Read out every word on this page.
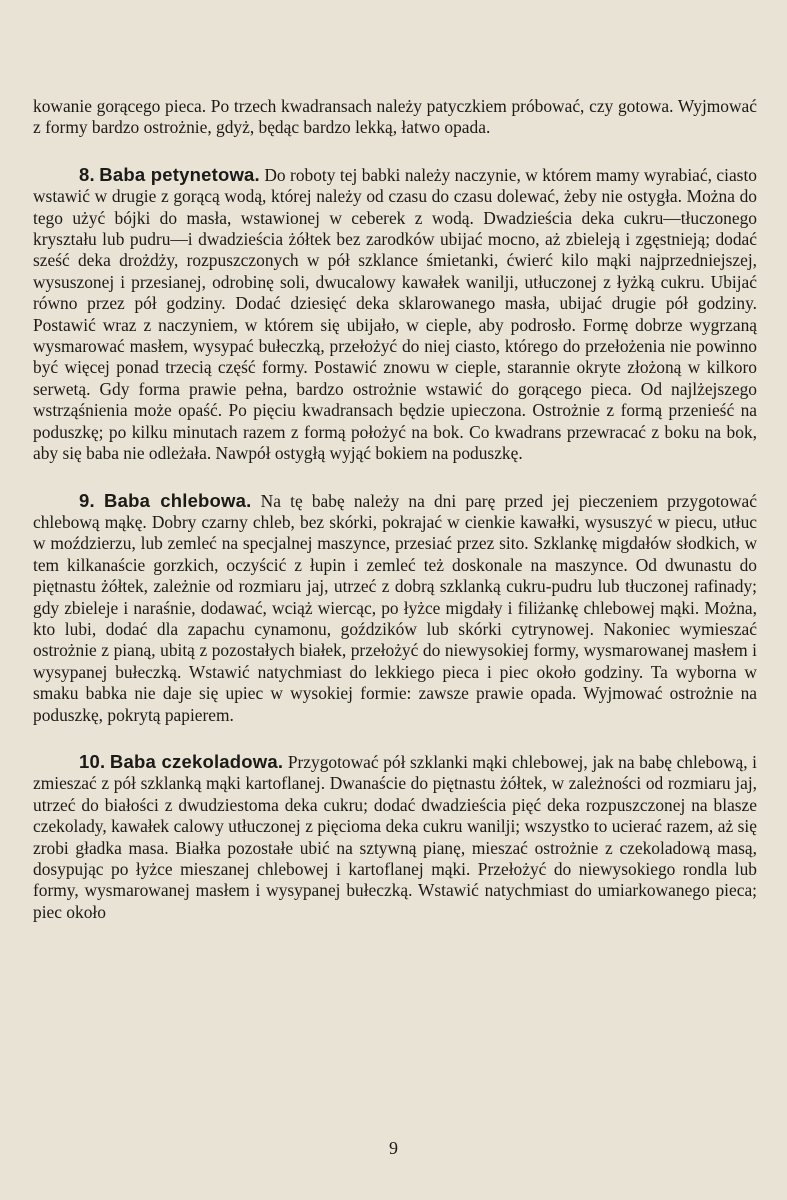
kowanie gorącego pieca. Po trzech kwadransach należy patyczkiem próbować, czy gotowa. Wyjmować z formy bardzo ostrożnie, gdyż, będąc bardzo lekką, łatwo opada.

8. Baba petynetowa. Do roboty tej babki należy naczynie, w którem mamy wyrabiać, ciasto wstawić w drugie z gorącą wodą, której należy od czasu do czasu dolewać, żeby nie ostygła. Można do tego użyć bójki do masła, wstawionej w ceberek z wodą. Dwadzieścia deka cukru—tłuczonego kryształu lub pudru—i dwadzieścia żółtek bez zarodków ubijać mocno, aż zbieleją i zgęstnieją; dodać sześć deka drożdży, rozpuszczonych w pół szklance śmietanki, ćwierć kilo mąki najprzedniejszej, wysuszonej i przesianej, odrobinę soli, dwucalowy kawałek wanilji, utłuczonej z łyżką cukru. Ubijać równo przez pół godziny. Dodać dziesięć deka sklarowanego masła, ubijać drugie pół godziny. Postawić wraz z naczyniem, w którem się ubijało, w cieple, aby podrosło. Formę dobrze wygrzaną wysmarować masłem, wysypać bułeczką, przełożyć do niej ciasto, którego do przełożenia nie powinno być więcej ponad trzecią część formy. Postawić znowu w cieple, starannie okryte złożoną w kilkoro serwetą. Gdy forma prawie pełna, bardzo ostrożnie wstawić do gorącego pieca. Od najlżejszego wstrząśnienia może opaść. Po pięciu kwadransach będzie upieczona. Ostrożnie z formą przenieść na poduszkę; po kilku minutach razem z formą położyć na bok. Co kwadrans przewracać z boku na bok, aby się baba nie odleżała. Nawpół ostygłą wyjąć bokiem na poduszkę.

9. Baba chlebowa. Na tę babę należy na dni parę przed jej pieczeniem przygotować chlebową mąkę. Dobry czarny chleb, bez skórki, pokrajać w cienkie kawałki, wysuszyć w piecu, utłuc w moździerzu, lub zemleć na specjalnej maszynce, przesiać przez sito. Szklankę migdałów słodkich, w tem kilkanaście gorzkich, oczyścić z łupin i zemleć też doskonale na maszynce. Od dwunastu do piętnastu żółtek, zależnie od rozmiaru jaj, utrzeć z dobrą szklanką cukru-pudru lub tłuczonej rafinady; gdy zbieleje i naraśnie, dodawać, wciąż wiercąc, po łyżce migdały i filiżankę chlebowej mąki. Można, kto lubi, dodać dla zapachu cynamonu, goździków lub skórki cytrynowej. Nakoniec wymieszać ostrożnie z pianą, ubitą z pozostałych białek, przełożyć do niewysokiej formy, wysmarowanej masłem i wysypanej bułeczką. Wstawić natychmiast do lekkiego pieca i piec około godziny. Ta wyborna w smaku babka nie daje się upiec w wysokiej formie: zawsze prawie opada. Wyjmować ostrożnie na poduszkę, pokrytą papierem.

10. Baba czekoladowa. Przygotować pół szklanki mąki chlebowej, jak na babę chlebową, i zmieszać z pół szklanką mąki kartoflanej. Dwanaście do piętnastu żółtek, w zależności od rozmiaru jaj, utrzeć do białości z dwudziestoma deka cukru; dodać dwadzieścia pięć deka rozpuszczonej na blasze czekolady, kawałek calowy utłuczonej z pięcioma deka cukru wanilji; wszystko to ucierać razem, aż się zrobi gładka masa. Białka pozostałe ubić na sztywną pianę, mieszać ostrożnie z czekoladową masą, dosypując po łyżce mieszanej chlebowej i kartoflanej mąki. Przełożyć do niewysokiego rondla lub formy, wysmarowanej masłem i wysypanej bułeczką. Wstawić natychmiast do umiarkowanego pieca; piec około

9
